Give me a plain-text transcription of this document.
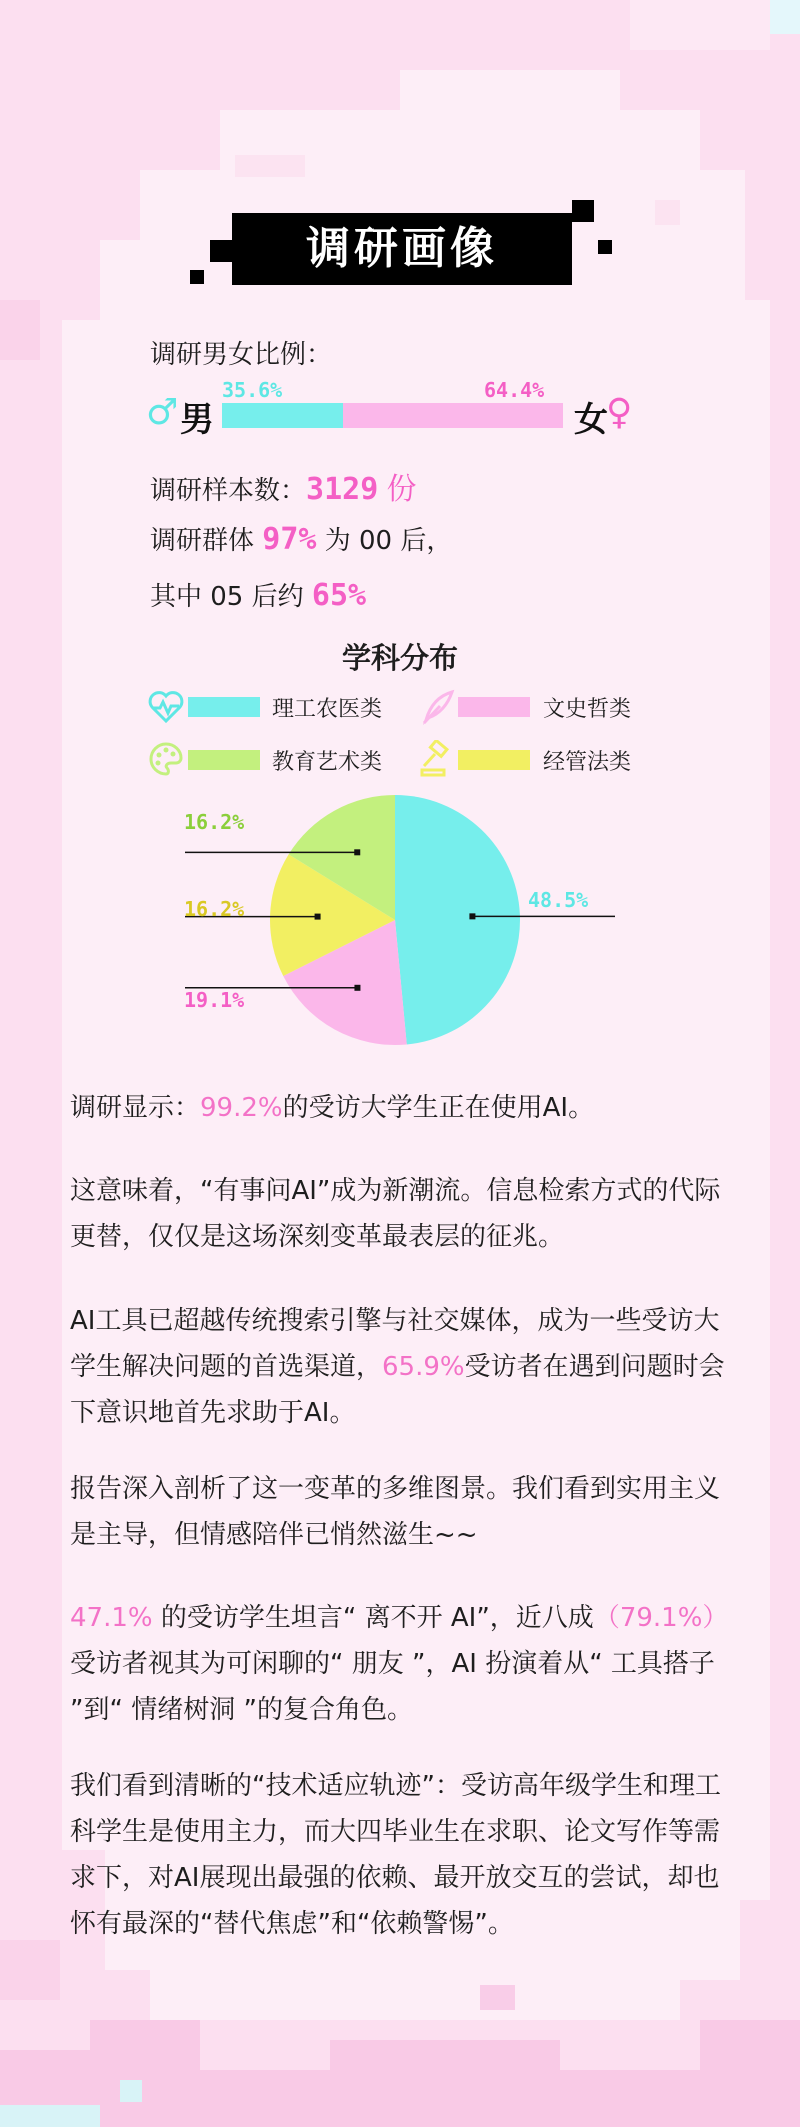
调研画像
调研男女比例：
♂ 男
35.6%	64.4%
女
♀
调研样本数：3129 份
调研群体 97% 为 00 后，
其中 05 后约 65%
学科分布
理工农医类	文史哲类
教育艺术类	经管法类
48.5%
19.1%
16.2%
16.2%
调研显示：99.2%的受访大学生正在使用AI。
这意味着，“有事问AI”成为新潮流。信息检索方式的代际更替，仅仅是这场深刻变革最表层的征兆。
AI工具已超越传统搜索引擎与社交媒体，成为一些受访大学生解决问题的首选渠道，65.9%受访者在遇到问题时会下意识地首先求助于AI。
报告深入剖析了这一变革的多维图景。我们看到实用主义是主导，但情感陪伴已悄然滋生~~
47.1% 的受访学生坦言“ 离不开 AI”，近八成（79.1%）受访者视其为可闲聊的“ 朋友 ”，AI 扮演着从“ 工具搭子 ”到“ 情绪树洞 ”的复合角色。
我们看到清晰的“技术适应轨迹”：受访高年级学生和理工科学生是使用主力，而大四毕业生在求职、论文写作等需求下，对AI展现出最强的依赖、最开放交互的尝试，却也怀有最深的“替代焦虑”和“依赖警惕”。
